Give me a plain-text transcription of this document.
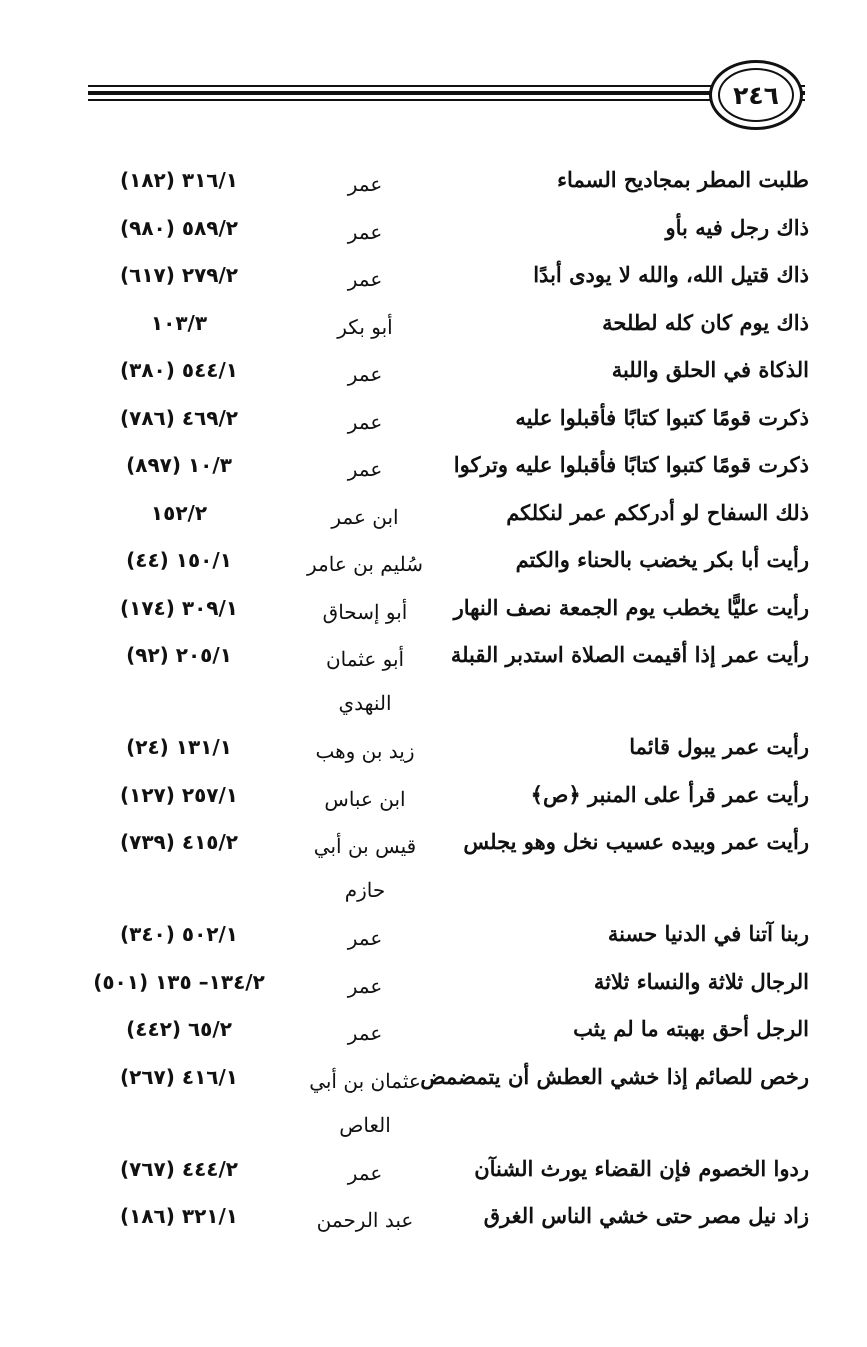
٢٤٦
طلبت المطر بمجاديح السماء
عمر
٣١٦/١ (١٨٢)
ذاك رجل فيه بأو
عمر
٥٨٩/٢ (٩٨٠)
ذاك قتيل الله، والله لا يودى أبدًا
عمر
٢٧٩/٢ (٦١٧)
ذاك يوم كان كله لطلحة
أبو بكر
١٠٣/٣
الذكاة في الحلق واللبة
عمر
٥٤٤/١ (٣٨٠)
ذكرت قومًا كتبوا كتابًا فأقبلوا عليه
عمر
٤٦٩/٢ (٧٨٦)
ذكرت قومًا كتبوا كتابًا فأقبلوا عليه وتركوا
عمر
١٠/٣ (٨٩٧)
ذلك السفاح لو أدرككم عمر لنكلكم
ابن عمر
١٥٢/٢
رأيت أبا بكر يخضب بالحناء والكتم
سُليم بن عامر
١٥٠/١ (٤٤)
رأيت عليًّا يخطب يوم الجمعة نصف النهار
أبو إسحاق
٣٠٩/١ (١٧٤)
رأيت عمر إذا أقيمت الصلاة استدبر القبلة
أبو عثمان النهدي
٢٠٥/١ (٩٢)
رأيت عمر يبول قائما
زيد بن وهب
١٣١/١ (٢٤)
رأيت عمر قرأ على المنبر ﴿ص﴾
ابن عباس
٢٥٧/١ (١٢٧)
رأيت عمر وبيده عسيب نخل وهو يجلس
قيس بن أبي حازم
٤١٥/٢ (٧٣٩)
ربنا آتنا في الدنيا حسنة
عمر
٥٠٢/١ (٣٤٠)
الرجال ثلاثة والنساء ثلاثة
عمر
١٣٤/٢– ١٣٥ (٥٠١)
الرجل أحق بهبته ما لم يثب
عمر
٦٥/٢ (٤٤٢)
رخص للصائم إذا خشي العطش أن يتمضمض
عثمان بن أبي العاص
٤١٦/١ (٢٦٧)
ردوا الخصوم فإن القضاء يورث الشنآن
عمر
٤٤٤/٢ (٧٦٧)
زاد نيل مصر حتى خشي الناس الغرق
عبد الرحمن
٣٢١/١ (١٨٦)
